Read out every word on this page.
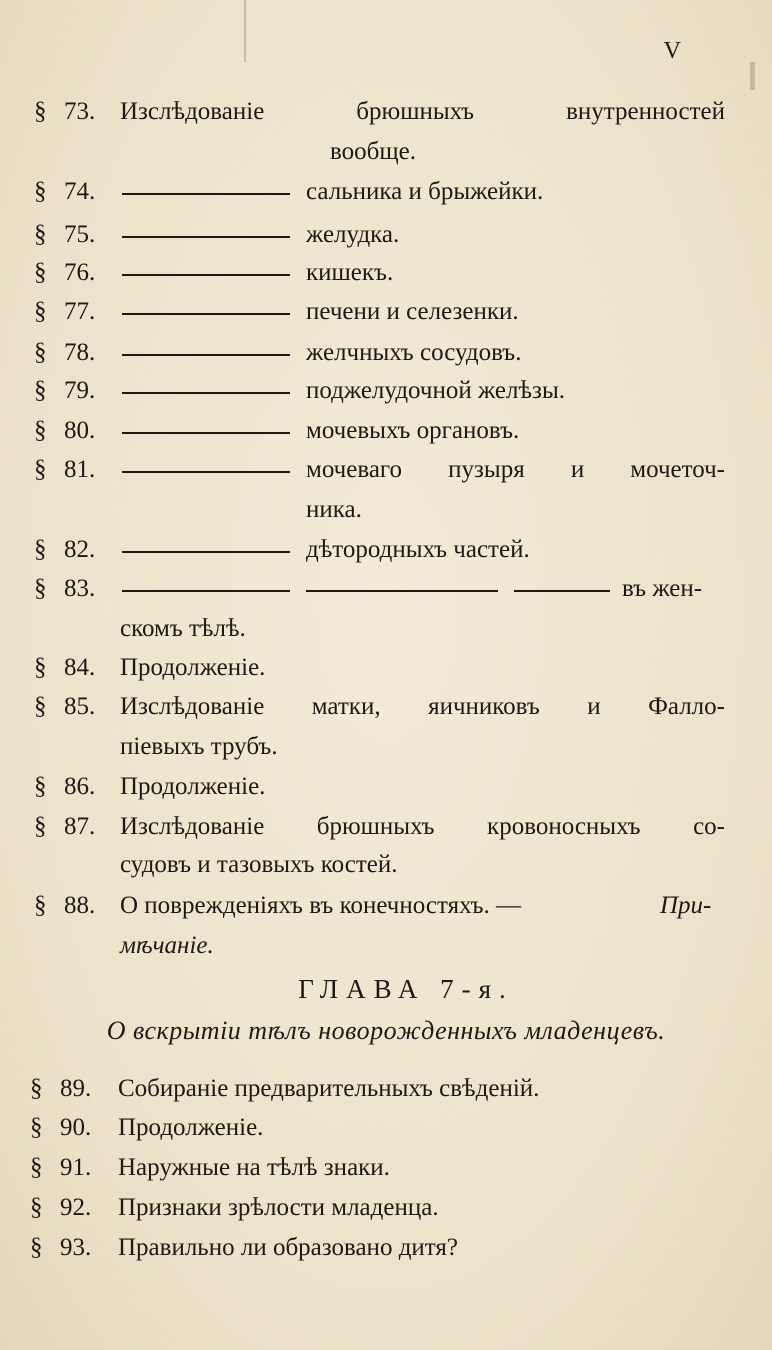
V
§ 73. Изслѣдованіе брюшныхъ внутренностей
вообще.
§ 74.	сальника и брыжейки.
§ 75.	желудка.
§ 76.	кишекъ.
§ 77.	печени и селезенки.
§ 78.	желчныхъ сосудовъ.
§ 79.	поджелудочной желѣзы.
§ 80.	мочевыхъ органовъ.
§ 81.	мочеваго пузыря и мочеточ-
ника.
§ 82.	дѣтородныхъ частей.
§ 83.	въ жен-
скомъ тѣлѣ.
§ 84. Продолженіе.
§ 85. Изслѣдованіе матки, яичниковъ и Фалло-
піевыхъ трубъ.
§ 86. Продолженіе.
§ 87. Изслѣдованіе брюшныхъ кровоносныхъ со-
судовъ и тазовыхъ костей.
§ 88. О поврежденіяхъ въ конечностяхъ. —	При-
мѣчаніе.
ГЛАВА 7-я.
О вскрытіи тѣлъ новорожденныхъ младенцевъ.
§ 89. Собираніе предварительныхъ свѣденій.
§ 90. Продолженіе.
§ 91. Наружные на тѣлѣ знаки.
§ 92. Признаки зрѣлости младенца.
§ 93. Правильно ли образовано дитя?
